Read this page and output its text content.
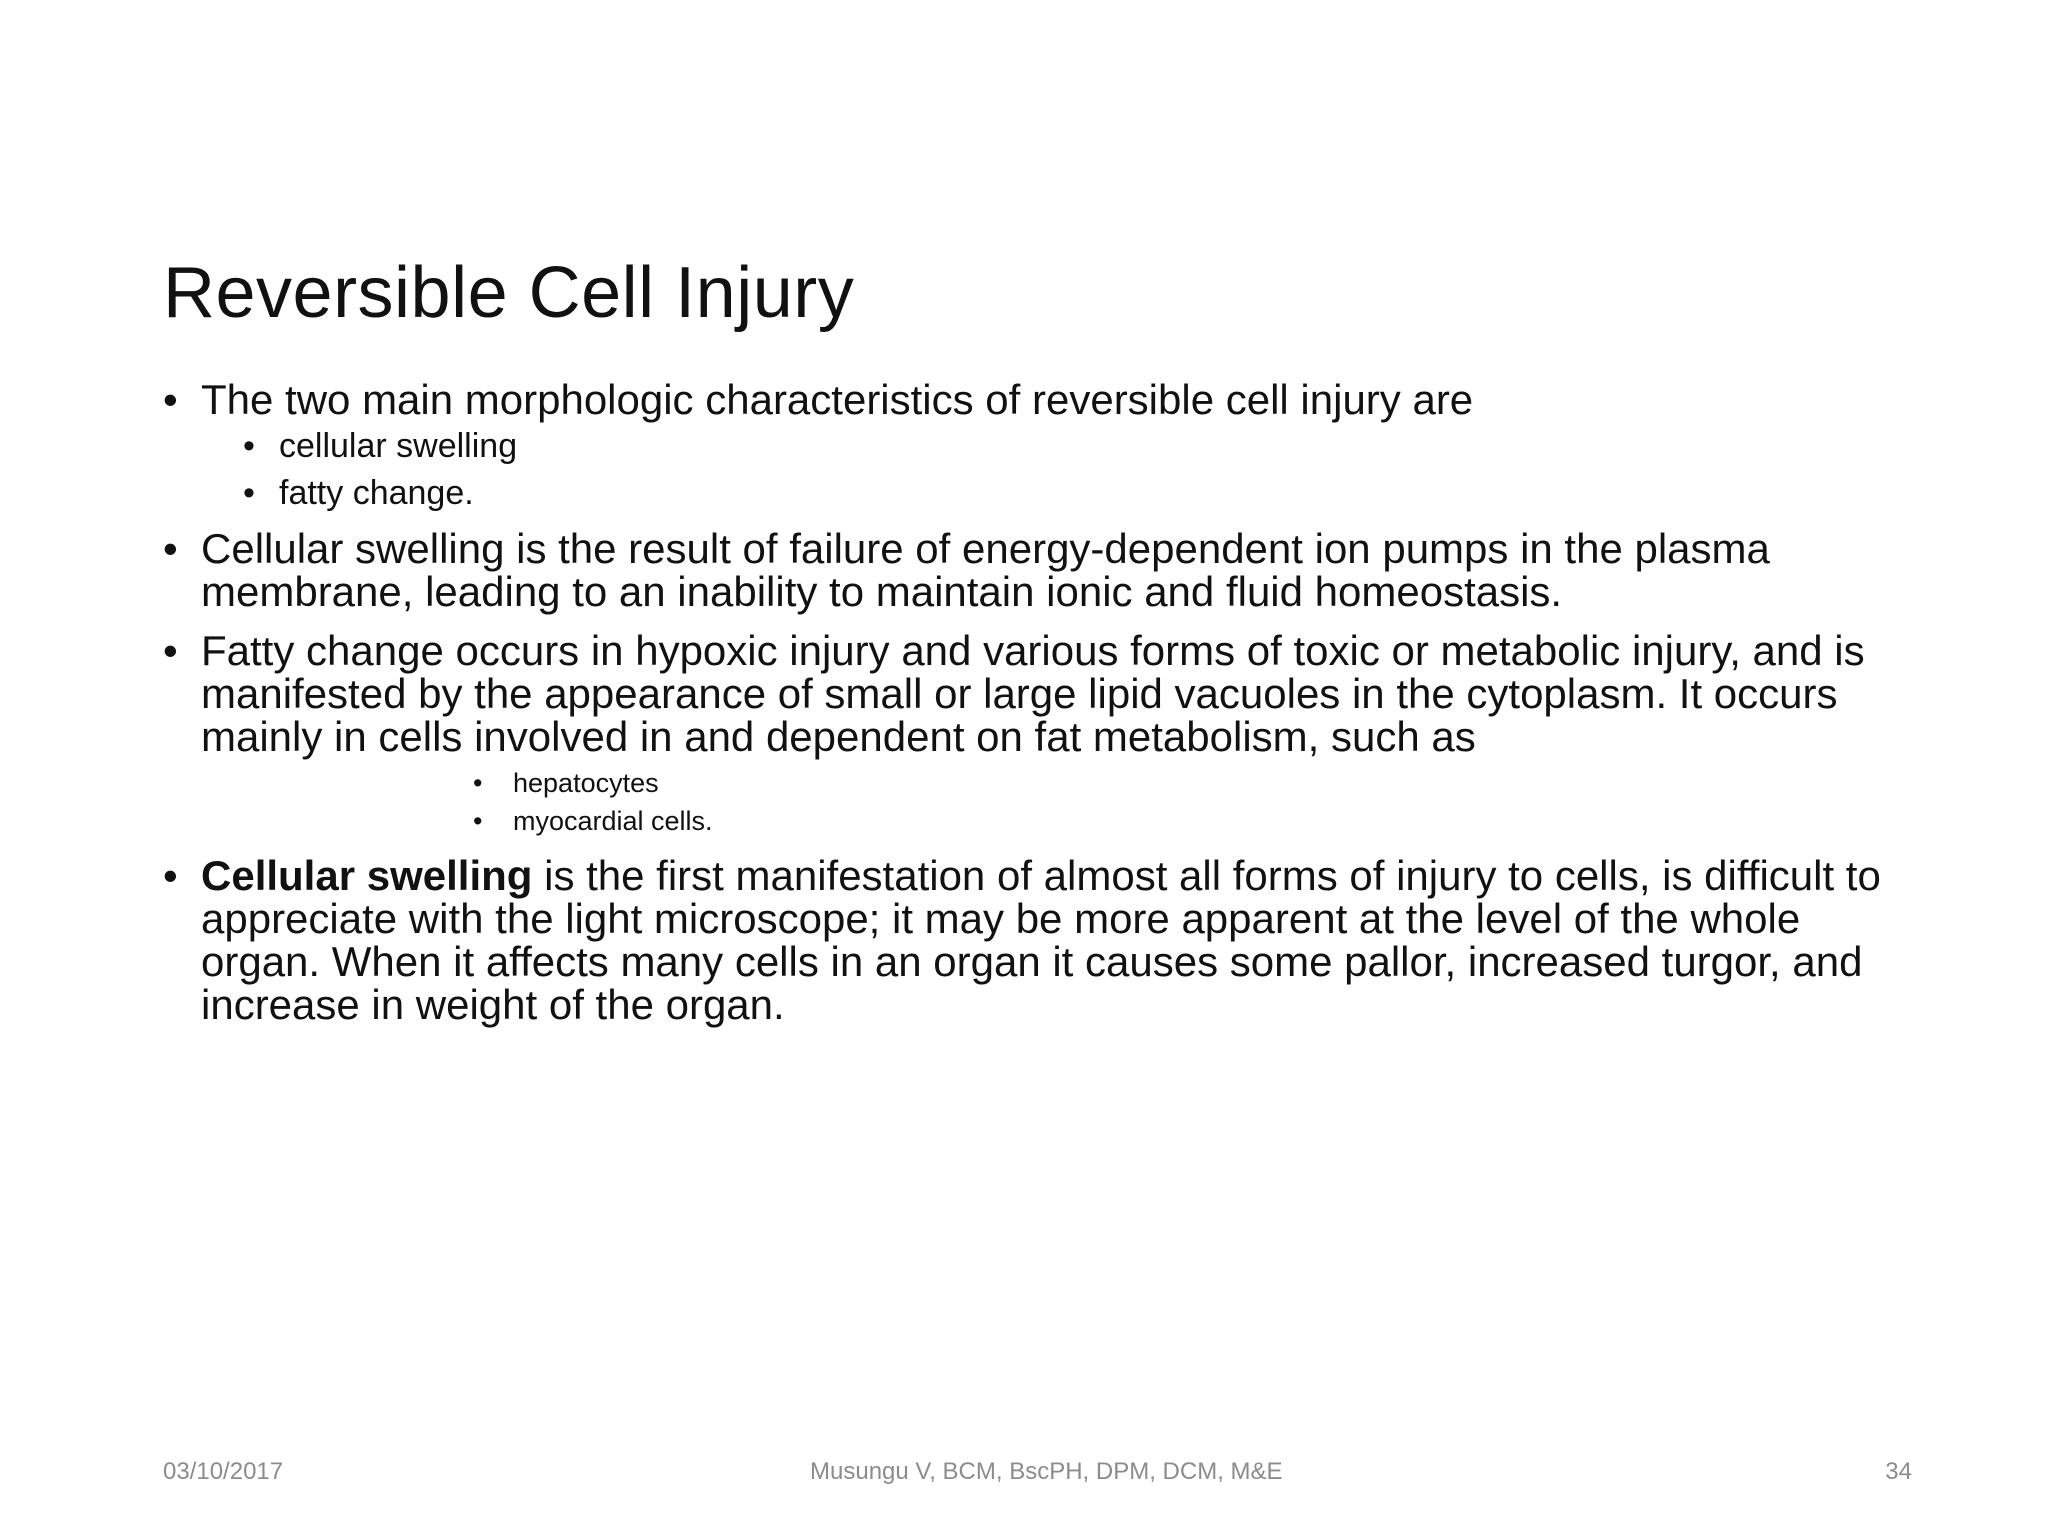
Reversible Cell Injury
• The two main morphologic characteristics of reversible cell injury are
• cellular swelling
• fatty change.
• Cellular swelling is the result of failure of energy-dependent ion pumps in the plasma membrane, leading to an inability to maintain ionic and fluid homeostasis.
• Fatty change occurs in hypoxic injury and various forms of toxic or metabolic injury, and is manifested by the appearance of small or large lipid vacuoles in the cytoplasm. It occurs mainly in cells involved in and dependent on fat metabolism, such as
• hepatocytes
• myocardial cells.
• Cellular swelling is the first manifestation of almost all forms of injury to cells, is difficult to appreciate with the light microscope; it may be more apparent at the level of the whole organ. When it affects many cells in an organ it causes some pallor, increased turgor, and increase in weight of the organ.
03/10/2017	Musungu V, BCM, BscPH, DPM, DCM, M&E	34
